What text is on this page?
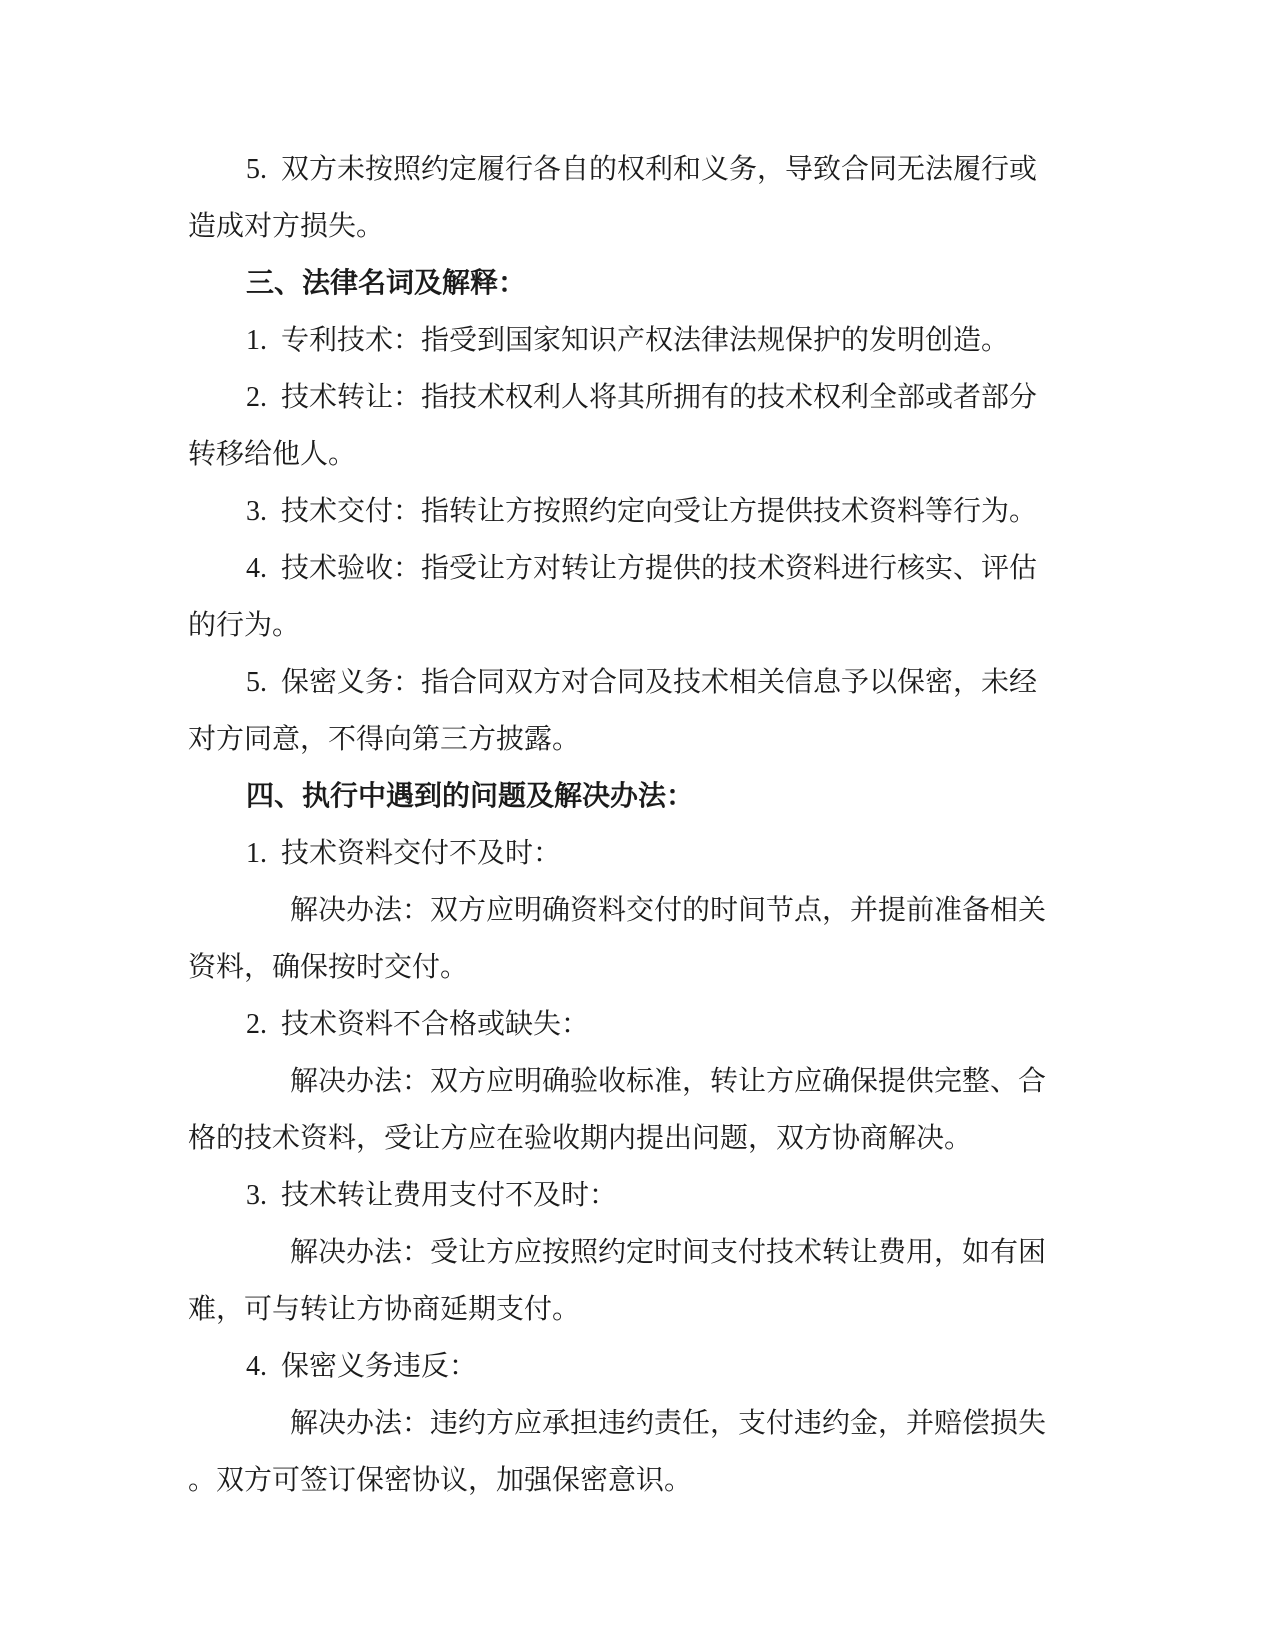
5.  双方未按照约定履行各自的权利和义务，导致合同无法履行或
造成对方损失。
三、法律名词及解释：
1.  专利技术：指受到国家知识产权法律法规保护的发明创造。
2.  技术转让：指技术权利人将其所拥有的技术权利全部或者部分
转移给他人。
3.  技术交付：指转让方按照约定向受让方提供技术资料等行为。
4.  技术验收：指受让方对转让方提供的技术资料进行核实、评估
的行为。
5.  保密义务：指合同双方对合同及技术相关信息予以保密，未经
对方同意，不得向第三方披露。
四、执行中遇到的问题及解决办法：
1.  技术资料交付不及时：
解决办法：双方应明确资料交付的时间节点，并提前准备相关
资料，确保按时交付。
2.  技术资料不合格或缺失：
解决办法：双方应明确验收标准，转让方应确保提供完整、合
格的技术资料，受让方应在验收期内提出问题，双方协商解决。
3.  技术转让费用支付不及时：
解决办法：受让方应按照约定时间支付技术转让费用，如有困
难，可与转让方协商延期支付。
4.  保密义务违反：
解决办法：违约方应承担违约责任，支付违约金，并赔偿损失
。双方可签订保密协议，加强保密意识。
